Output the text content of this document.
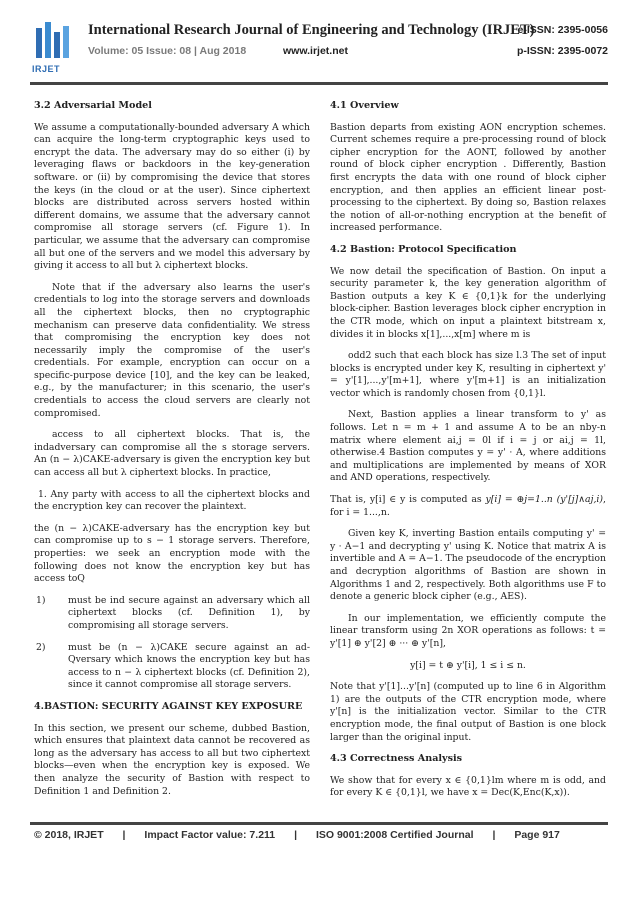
IRJET
International Research Journal of Engineering and Technology (IRJET)
e-ISSN: 2395-0056
Volume: 05 Issue: 08 | Aug 2018	www.irjet.net	p-ISSN: 2395-0072
3.2 Adversarial Model

We assume a computationally-bounded adversary A which can acquire the long-term cryptographic keys used to encrypt the data. The adversary may do so either (i) by leveraging flaws or backdoors in the key-generation software. or (ii) by compromising the device that stores the keys (in the cloud or at the user). Since ciphertext blocks are distributed across servers hosted within different domains, we assume that the adversary cannot compromise all storage servers (cf. Figure 1). In particular, we assume that the adversary can compromise all but one of the servers and we model this adversary by giving it access to all but λ ciphertext blocks.

Note that if the adversary also learns the user's credentials to log into the storage servers and downloads all the ciphertext blocks, then no cryptographic mechanism can preserve data confidentiality. We stress that compromising the encryption key does not necessarily imply the compromise of the user's credentials. For example, encryption can occur on a specific-purpose device [10], and the key can be leaked, e.g., by the manufacturer; in this scenario, the user's credentials to access the cloud servers are clearly not compromised.

access to all ciphertext blocks. That is, the indadversary can compromise all the s storage servers. An (n − λ)CAKE-adversary is given the encryption key but can access all but λ ciphertext blocks. In practice,

1. Any party with access to all the ciphertext blocks and the encryption key can recover the plaintext.

the (n − λ)CAKE-adversary has the encryption key but can compromise up to s − 1 storage servers. Therefore, properties: we seek an encryption mode with the following does not know the encryption key but has access toQ

1)	must be ind secure against an adversary which all ciphertext blocks (cf. Definition 1), by compromising all storage servers.
2)	must be (n − λ)CAKE secure against an ad-Qversary which knows the encryption key but has access to n − λ ciphertext blocks (cf. Definition 2), since it cannot compromise all storage servers.
4.BASTION: SECURITY AGAINST KEY EXPOSURE

In this section, we present our scheme, dubbed Bastion, which ensures that plaintext data cannot be recovered as long as the adversary has access to all but two ciphertext blocks—even when the encryption key is exposed. We then analyze the security of Bastion with respect to Definition 1 and Definition 2.

4.1 Overview

Bastion departs from existing AON encryption schemes. Current schemes require a pre-processing round of block cipher encryption for the AONT, followed by another round of block cipher encryption . Differently, Bastion first encrypts the data with one round of block cipher encryption, and then applies an efficient linear post-processing to the ciphertext. By doing so, Bastion relaxes the notion of all-or-nothing encryption at the benefit of increased performance.

4.2 Bastion: Protocol Specification

We now detail the specification of Bastion. On input a security parameter k, the key generation algorithm of Bastion outputs a key K ∈ {0,1}k for the underlying block-cipher. Bastion leverages block cipher encryption in the CTR mode, which on input a plaintext bitstream x, divides it in blocks x[1],...,x[m] where m is

odd2 such that each block has size l.3 The set of input blocks is encrypted under key K, resulting in ciphertext y' = y'[1],...,y'[m+1], where y'[m+1] is an initialization vector which is randomly chosen from {0,1}l.

Next, Bastion applies a linear transform to y' as follows. Let n = m + 1 and assume A to be an nby-n matrix where element ai,j = 0l if i = j or ai,j = 1l, otherwise.4 Bastion computes y = y' · A, where additions and multiplications are implemented by means of XOR and AND operations, respectively.

That is, y[i] ∈ y is computed as y[i] = ⊕j=1..n (y'[j]∧aj,i), for i = 1...,n.

Given key K, inverting Bastion entails computing y' = y · A−1 and decrypting y' using K. Notice that matrix A is invertible and A = A−1. The pseudocode of the encryption and decryption algorithms of Bastion are shown in Algorithms 1 and 2, respectively. Both algorithms use F to denote a generic block cipher (e.g., AES).

In our implementation, we efficiently compute the linear transform using 2n XOR operations as follows: t = y'[1] ⊕ y'[2] ⊕ ··· ⊕ y'[n],

y[i] = t ⊕ y'[i], 1 ≤ i ≤ n.

Note that y'[1]...y'[n] (computed up to line 6 in Algorithm 1) are the outputs of the CTR encryption mode, where y'[n] is the initialization vector. Similar to the CTR encryption mode, the final output of Bastion is one block larger than the original input.

4.3 Correctness Analysis

We show that for every x ∈ {0,1}lm where m is odd, and for every K ∈ {0,1}l, we have x = Dec(K,Enc(K,x)).

© 2018, IRJET | Impact Factor value: 7.211 | ISO 9001:2008 Certified Journal | Page 917
